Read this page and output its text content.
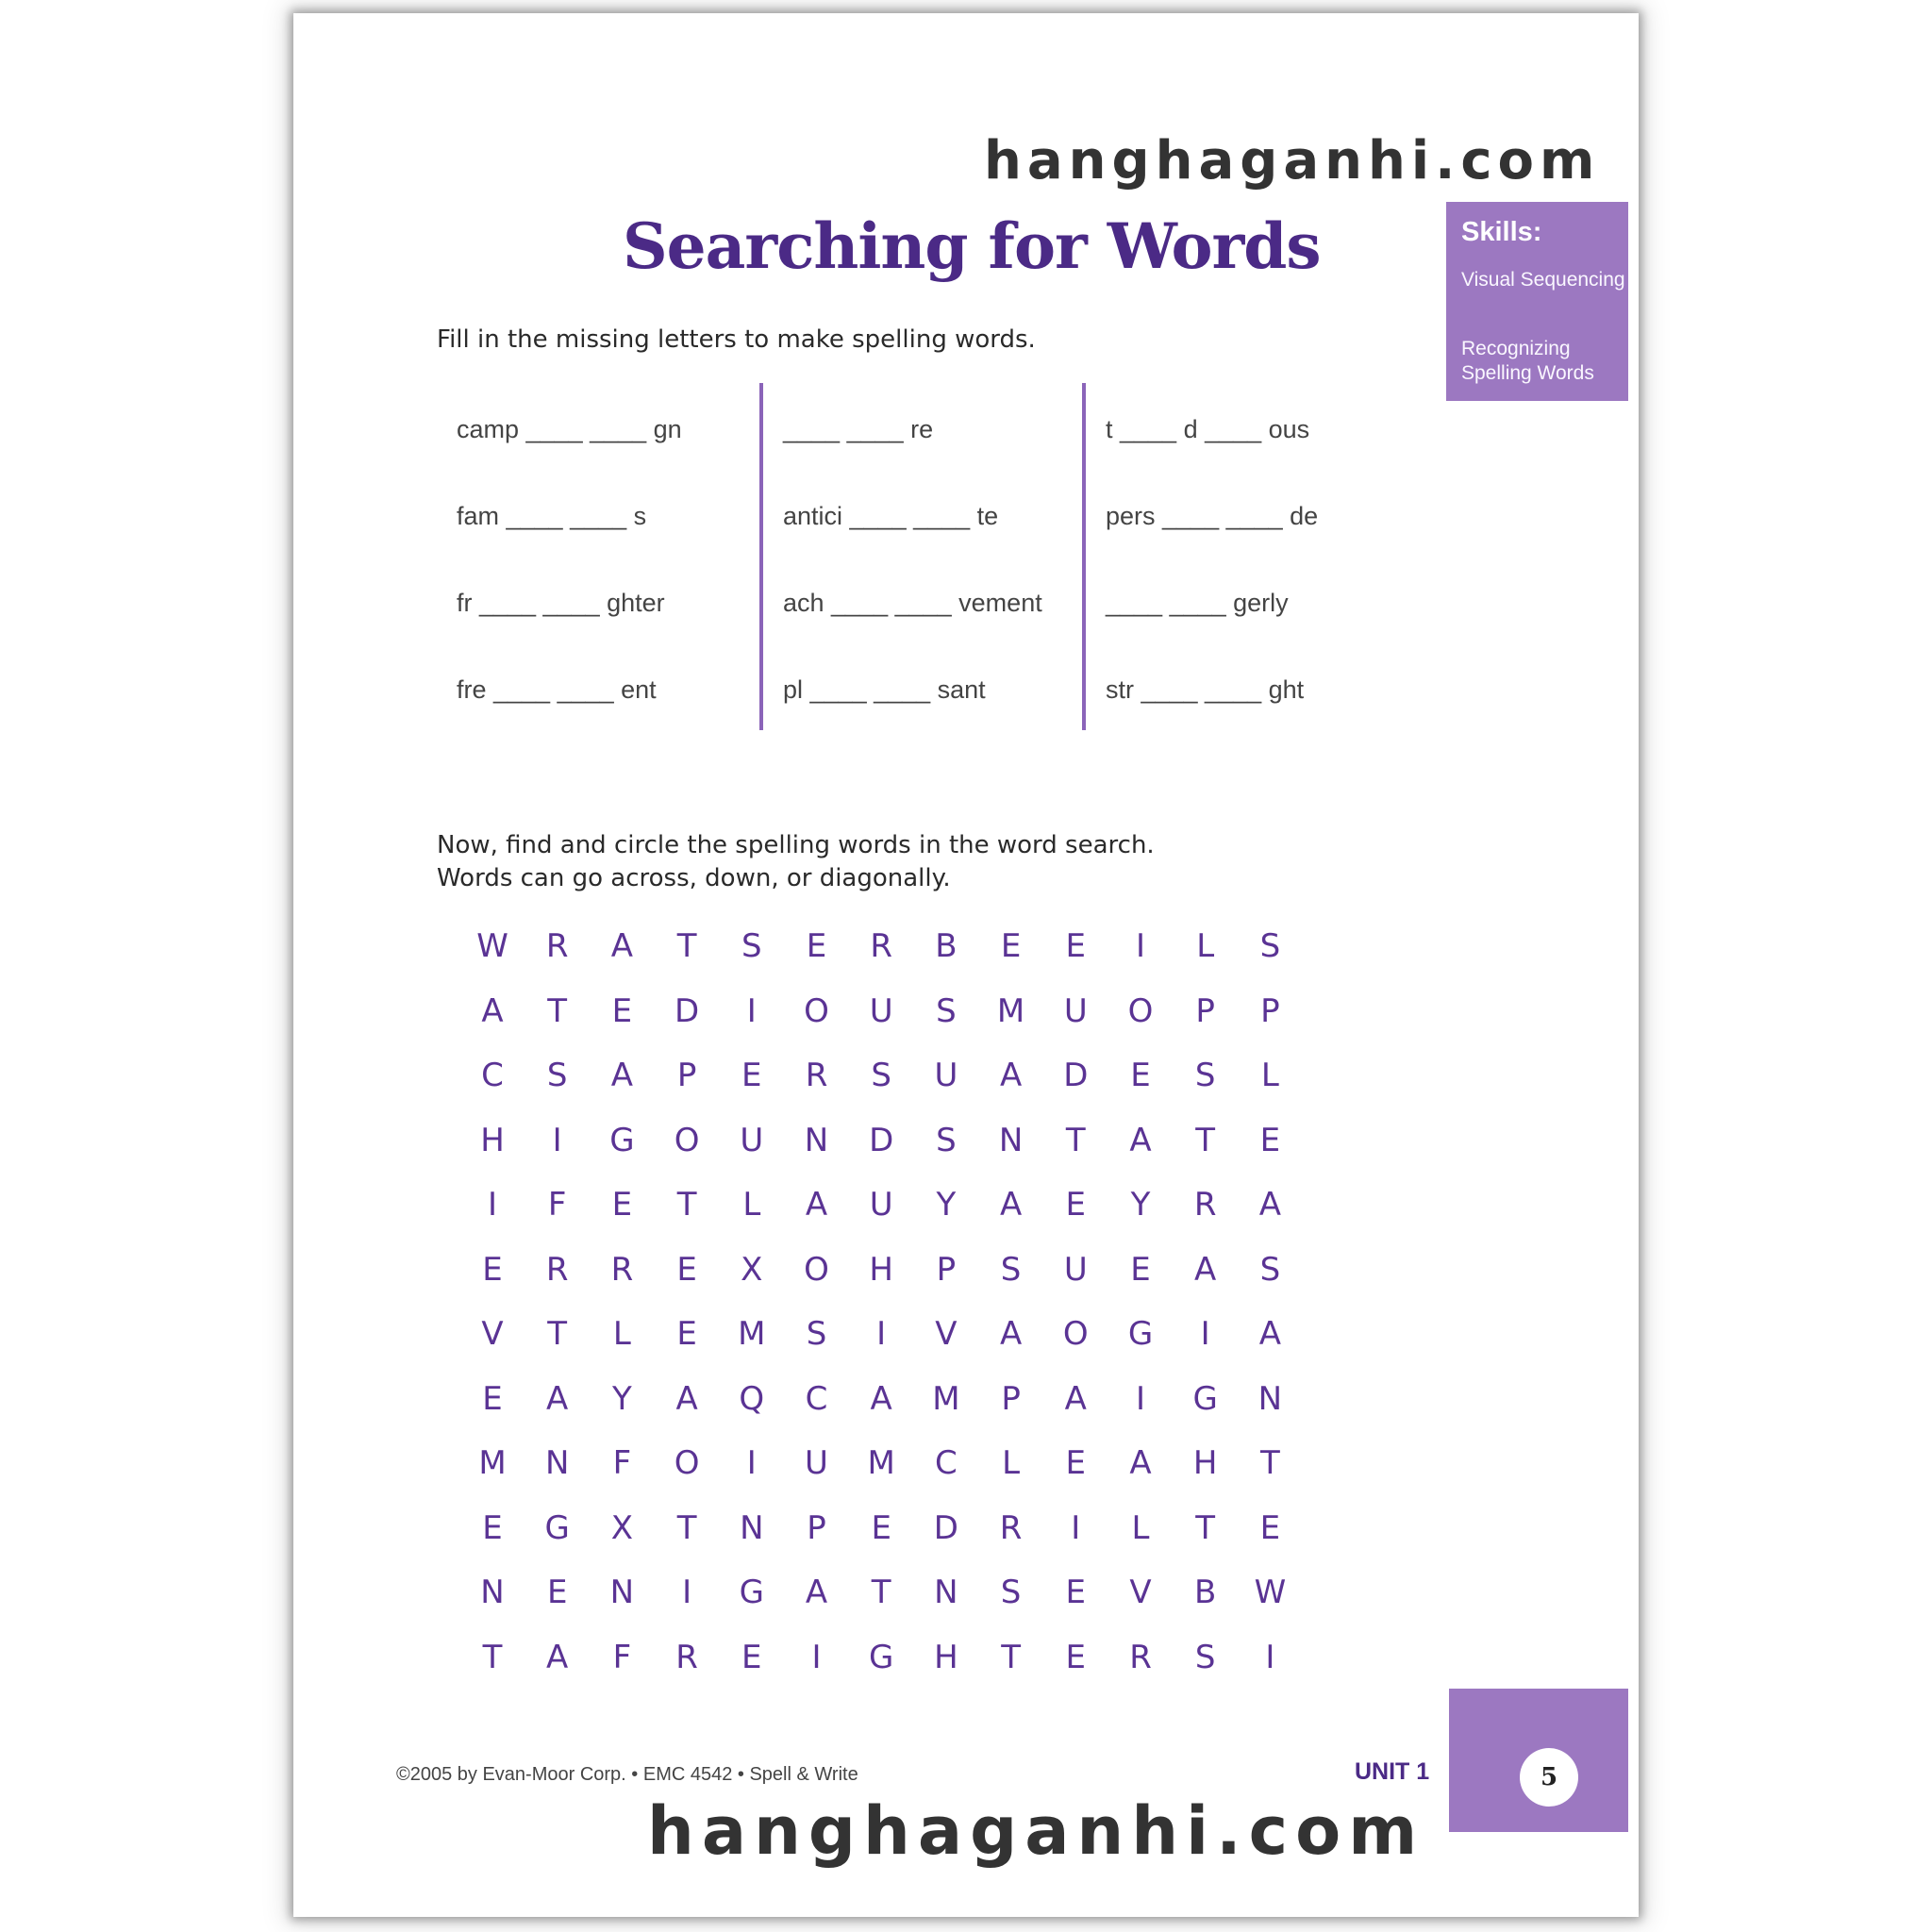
hanghaganhi.com
Searching for Words	Skills:
Visual Sequencing
Recognizing Spelling Words
Fill in the missing letters to make spelling words.
camp ____ ____ gn
fam ____ ____ s
fr ____ ____ ghter
fre ____ ____ ent
____ ____ re
antici ____ ____ te
ach ____ ____ vement
pl ____ ____ sant
t ____ d ____ ous
pers ____ ____ de
____ ____ gerly
str ____ ____ ght
Now, find and circle the spelling words in the word search.
Words can go across, down, or diagonally.
W R A T S E R B E E	I	L	S
A T E D	I	O U S M U O P P
C S A P E R S U A D E S	L
H	I	G O U N D S N T A T E
I	F	E T	L	A U Y A E Y R A
E R R E X O H P S U E A S
V T	L	E M S	I	V A O G	I	A
E A Y A Q C A M P A	I	G N
M N	F	O	I	U M C	L	E A H T
E G X T N P E D R	I	L	T E
N E N	I	G A T N S E V B W
T A	F	R E	I	G H T E R S	I
©2005 by Evan-Moor Corp. • EMC 4542 • Spell & Write	UNIT 1	5
hanghaganhi.com
